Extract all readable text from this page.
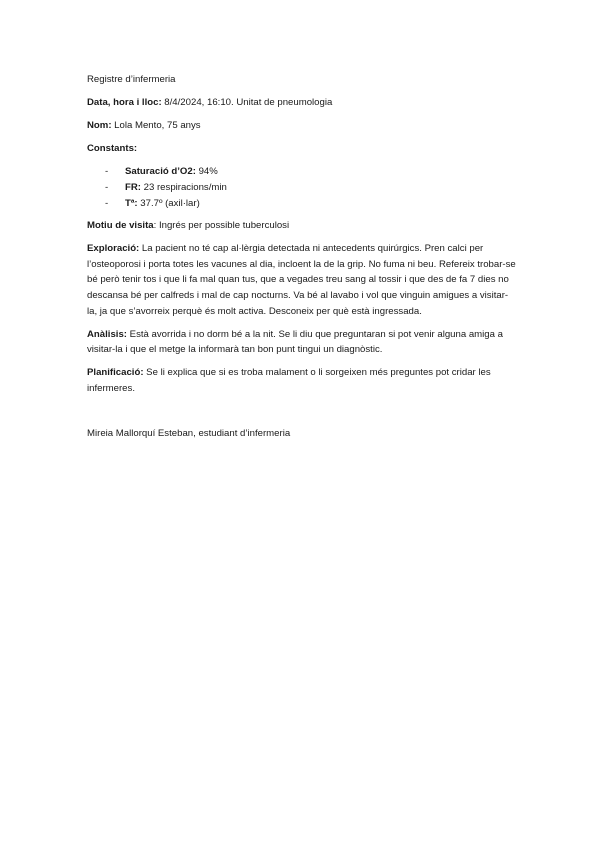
Registre d’infermeria

Data, hora i lloc: 8/4/2024, 16:10. Unitat de pneumologia

Nom: Lola Mento, 75 anys

Constants:

- Saturació d’O2: 94%
- FR: 23 respiracions/min
- Tª: 37.7º (axil·lar)

Motiu de visita: Ingrés per possible tuberculosi

Exploració: La pacient no té cap al·lèrgia detectada ni antecedents quirúrgics. Pren calci per l’osteoporosi i porta totes les vacunes al dia, incloent la de la grip. No fuma ni beu. Refereix trobar-se bé però tenir tos i que li fa mal quan tus, que a vegades treu sang al tossir i que des de fa 7 dies no descansa bé per calfreds i mal de cap nocturns. Va bé al lavabo i vol que vinguin amigues a visitar-la, ja que s’avorreix perquè és molt activa. Desconeix per què està ingressada.

Anàlisis: Està avorrida i no dorm bé a la nit. Se li diu que preguntaran si pot venir alguna amiga a visitar-la i que el metge la informarà tan bon punt tingui un diagnòstic.

Planificació: Se li explica que si es troba malament o li sorgeixen més preguntes pot cridar les infermeres.

Mireia Mallorquí Esteban, estudiant d’infermeria
